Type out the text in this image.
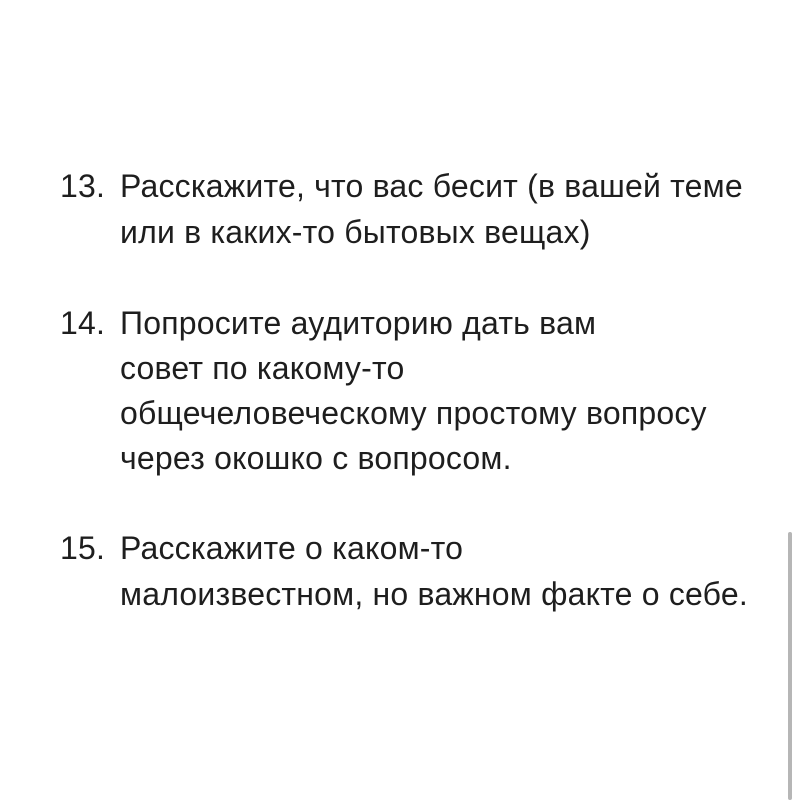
13. Расскажите, что вас бесит (в вашей теме
или в каких-то бытовых вещах)
14. Попросите аудиторию дать вам
совет по какому-то
общечеловеческому простому вопросу
через окошко с вопросом.
15. Расскажите о каком-то
малоизвестном, но важном факте о себе.
